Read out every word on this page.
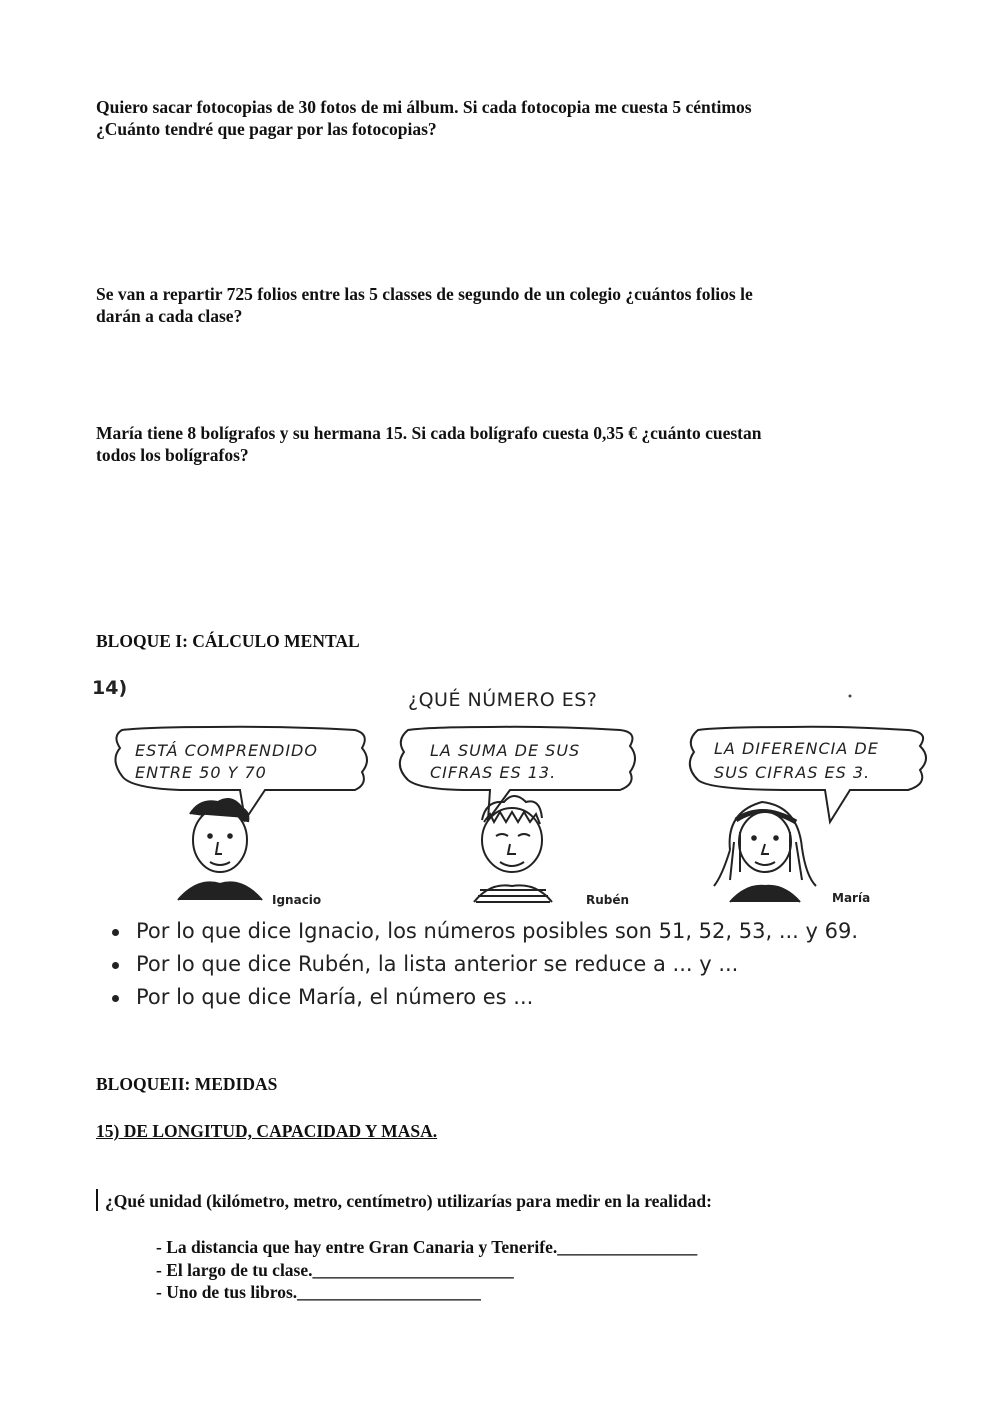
Quiero sacar fotocopias de 30 fotos de mi álbum. Si cada fotocopia me cuesta 5 céntimos
¿Cuánto tendré que pagar por las fotocopias?

Se van a repartir 725 folios entre las 5 classes de segundo de un colegio ¿cuántos folios le
darán a cada clase?

María tiene 8 bolígrafos y su hermana 15. Si cada bolígrafo cuesta 0,35 € ¿cuánto cuestan
todos los bolígrafos?

BLOQUE I: CÁLCULO MENTAL

14)
¿QUÉ NÚMERO ES?
ESTÁ COMPRENDIDO
ENTRE 50 Y 70
LA SUMA DE SUS
CIFRAS ES 13.
LA DIFERENCIA DE
SUS CIFRAS ES 3.
Ignacio	Rubén	María
Por lo que dice Ignacio, los números posibles son 51, 52, 53, ... y 69.
Por lo que dice Rubén, la lista anterior se reduce a ... y ...
Por lo que dice María, el número es ...

BLOQUEII: MEDIDAS

15) DE LONGITUD, CAPACIDAD Y MASA.

¿Qué unidad (kilómetro, metro, centímetro) utilizarías para medir en la realidad:

- La distancia que hay entre Gran Canaria y Tenerife.________________
- El largo de tu clase._______________________
- Uno de tus libros._____________________
